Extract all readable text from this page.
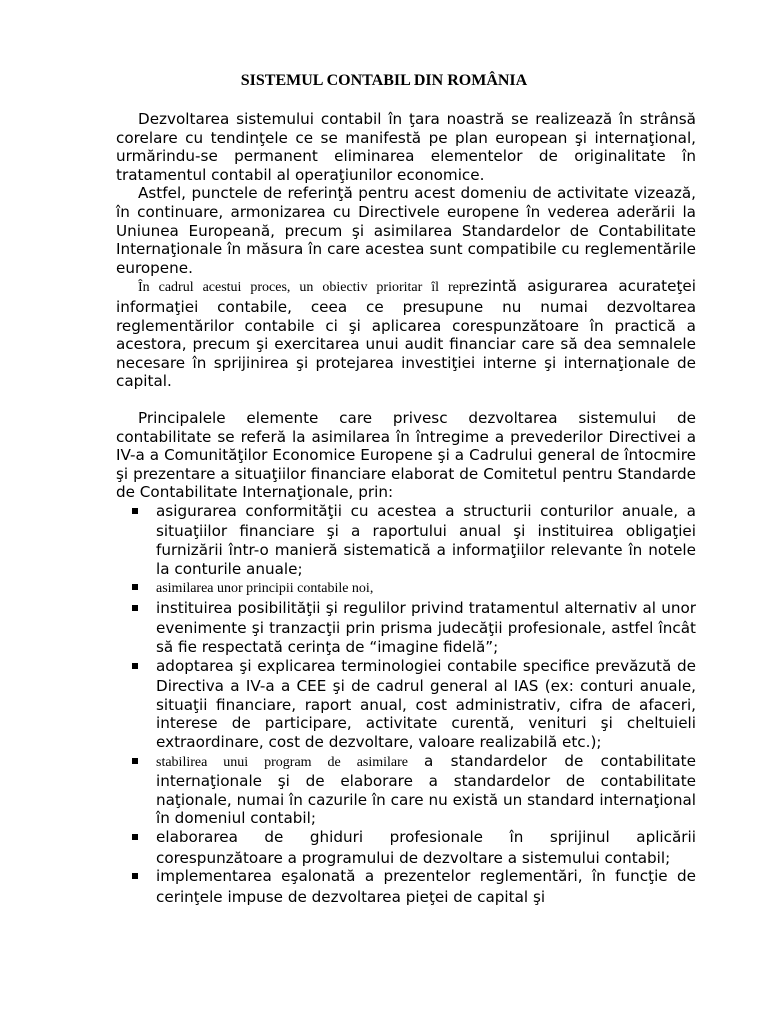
SISTEMUL CONTABIL DIN ROMÂNIA

Dezvoltarea sistemului contabil în ţara noastră se realizează în strânsă corelare cu tendinţele ce se manifestă pe plan european şi internaţional, urmărindu-se permanent eliminarea elementelor de originalitate în tratamentul contabil al operaţiunilor economice.

Astfel, punctele de referinţă pentru acest domeniu de activitate vizează, în continuare, armonizarea cu Directivele europene în vederea aderării la Uniunea Europeană, precum şi asimilarea Standardelor de Contabilitate Internaţionale în măsura în care acestea sunt compatibile cu reglementările europene.

În cadrul acestui proces, un obiectiv prioritar îl reprezintă asigurarea acurateţei informaţiei contabile, ceea ce presupune nu numai dezvoltarea reglementărilor contabile ci şi aplicarea corespunzătoare în practică a acestora, precum şi exercitarea unui audit financiar care să dea semnalele necesare în sprijinirea şi protejarea investiţiei interne şi internaţionale de capital.

Principalele elemente care privesc dezvoltarea sistemului de contabilitate se referă la asimilarea în întregime a prevederilor Directivei a IV-a a Comunităţilor Economice Europene şi a Cadrului general de întocmire şi prezentare a situaţiilor financiare elaborat de Comitetul pentru Standarde de Contabilitate Internaţionale, prin:

asigurarea conformităţii cu acestea a structurii conturilor anuale, a situaţiilor financiare şi a raportului anual şi instituirea obligaţiei furnizării într-o manieră sistematică a informaţiilor relevante în notele la conturile anuale;
asimilarea unor principii contabile noi,
instituirea posibilităţii şi regulilor privind tratamentul alternativ al unor evenimente şi tranzacţii prin prisma judecăţii profesionale, astfel încât să fie respectată cerinţa de “imagine fidelă”;
adoptarea şi explicarea terminologiei contabile specifice prevăzută de Directiva a IV-a a CEE şi de cadrul general al IAS (ex: conturi anuale, situaţii financiare, raport anual, cost administrativ, cifra de afaceri, interese de participare, activitate curentă, venituri şi cheltuieli extraordinare, cost de dezvoltare, valoare realizabilă etc.);
stabilirea unui program de asimilare a standardelor de contabilitate internaţionale şi de elaborare a standardelor de contabilitate naţionale, numai în cazurile în care nu există un standard internaţional în domeniul contabil;
elaborarea de ghiduri profesionale în sprijinul aplicării corespunzătoare a programului de dezvoltare a sistemului contabil;
implementarea eşalonată a prezentelor reglementări, în funcţie de cerinţele impuse de dezvoltarea pieţei de capital şi
